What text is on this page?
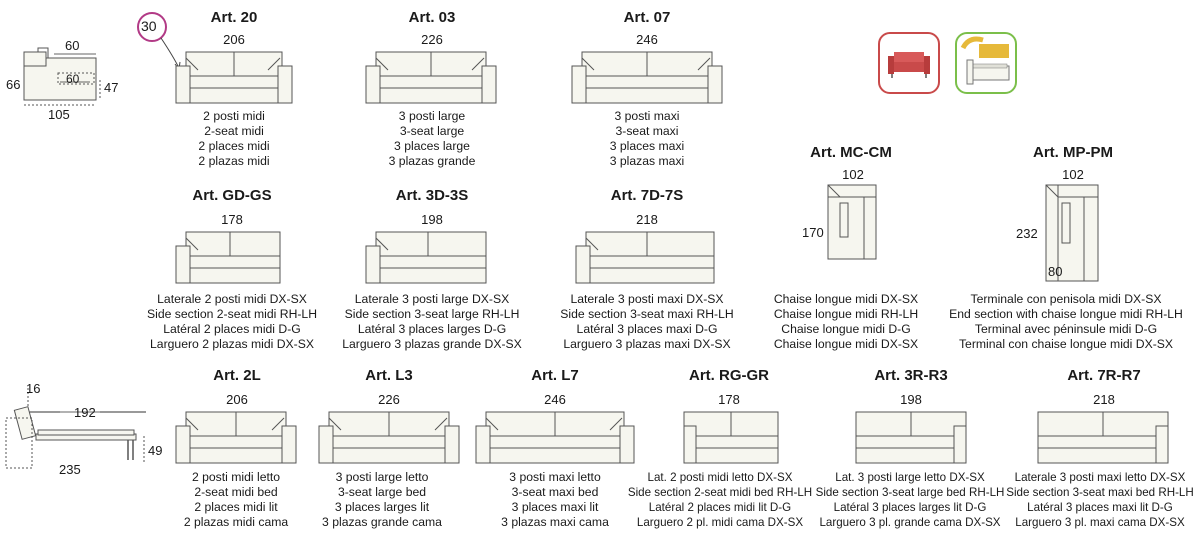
60
60
66	47
105
30	Art. 20
206
2 posti midi
2-seat midi
2 places midi
2 plazas midi
Art. 03
226
3 posti large
3-seat large
3 places large
3 plazas grande
Art. 07
246
3 posti maxi
3-seat maxi
3 places maxi
3 plazas maxi
Art. GD-GS
178
Laterale 2 posti midi DX-SX
Side section 2-seat midi RH-LH
Latéral 2 places midi D-G
Larguero 2 plazas midi DX-SX
Art. 3D-3S
198
Laterale 3 posti large DX-SX
Side section 3-seat large RH-LH
Latéral 3 places larges D-G
Larguero 3 plazas grande DX-SX
Art. 7D-7S
218
Laterale 3 posti maxi DX-SX
Side section 3-seat maxi RH-LH
Latéral 3 places maxi D-G
Larguero 3 plazas maxi DX-SX
Art. MC-CM
102
170
Chaise longue midi DX-SX
Chaise longue midi RH-LH
Chaise longue midi D-G
Chaise longue midi DX-SX
Art. MP-PM
102
232
80
Terminale con penisola midi DX-SX
End section with chaise longue midi RH-LH
Terminal avec péninsule midi D-G
Terminal con chaise longue midi DX-SX
16
192
235
49
Art. 2L
206
2 posti midi letto
2-seat midi bed
2 places midi lit
2 plazas midi cama
Art. L3
226
3 posti large letto
3-seat large bed
3 places larges lit
3 plazas grande cama
Art. L7
246
3 posti maxi letto
3-seat maxi bed
3 places maxi lit
3 plazas maxi cama
Art. RG-GR
178
Lat. 2 posti midi letto DX-SX
Side section 2-seat midi bed RH-LH
Latéral 2 places midi lit D-G
Larguero 2 pl. midi cama DX-SX
Art. 3R-R3
198
Lat. 3 posti large letto DX-SX
Side section 3-seat large bed RH-LH
Latéral 3 places larges lit D-G
Larguero 3 pl. grande cama DX-SX
Art. 7R-R7
218
Laterale 3 posti maxi letto DX-SX
Side section 3-seat maxi bed RH-LH
Latéral 3 places maxi lit D-G
Larguero 3 pl. maxi cama DX-SX
